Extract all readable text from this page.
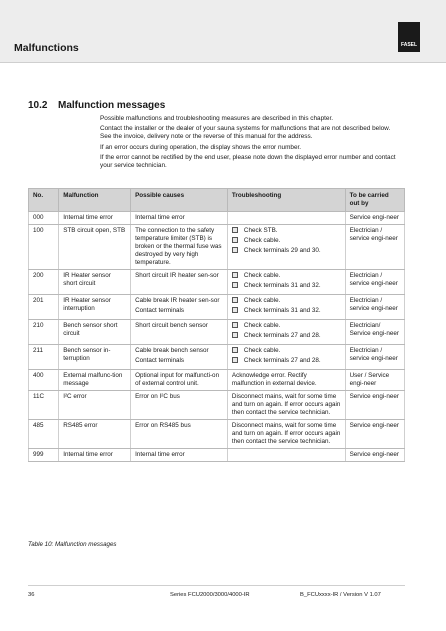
Malfunctions	FASEL
10.2 Malfunction messages

Possible malfunctions and troubleshooting measures are described in this chapter.

Contact the installer or the dealer of your sauna systems for malfunctions that are not described below. See the invoice, delivery note or the reverse of this manual for the address.

If an error occurs during operation, the display shows the error number.

If the error cannot be rectified by the end user, please note down the displayed error number and contact your service technician.

No.	Malfunction	Possible causes	Troubleshooting	To be carried out by
000	Internal time error	Internal time error		Service engi-neer
100	STB circuit open, STB	The connection to the safety temperature limiter (STB) is broken or the thermal fuse was destroyed by very high temperature.	Check STB.
Check cable.
Check terminals 29 and 30.	Electrician / service engi-neer
200	IR Heater sensor short circuit	Short circuit IR heater sen-sor	Check cable.
Check terminals 31 and 32.	Electrician / service engi-neer
201	IR Heater sensor interruption	Cable break IR heater sen-sor
Contact terminals	Check cable.
Check terminals 31 and 32.	Electrician / service engi-neer
210	Bench sensor short circuit	Short circuit bench sensor	Check cable.
Check terminals 27 and 28.	Electrician/ Service engi-neer
211	Bench sensor in-terruption	Cable break bench sensor
Contact terminals	Check cable.
Check terminals 27 and 28.	Electrician / service engi-neer
400	External malfunc-tion message	Optional input for malfuncti-on of external control unit.	Acknowledge error. Rectify malfunction in external device.	User / Service engi-neer
11C	I²C error	Error on I²C bus	Disconnect mains, wait for some time and turn on again. If error occurs again then contact the service technician.	Service engi-neer
485	RS485 error	Error on RS485 bus	Disconnect mains, wait for some time and turn on again. If error occurs again then contact the service technician.	Service engi-neer
999	Internal time error	Internal time error		Service engi-neer
Table 10: Malfunction messages
36	Series FCU2000/3000/4000-IR	B_FCUxxxx-IR / Version V 1.07
